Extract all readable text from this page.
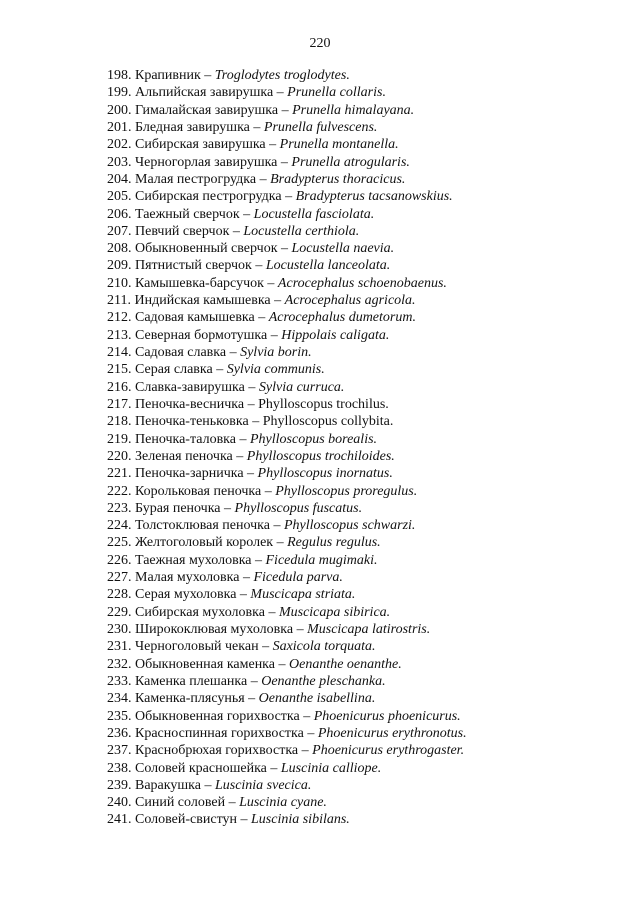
220
198. Крапивник – Troglodytes troglodytes.
199. Альпийская завирушка – Prunella collaris.
200. Гималайская завирушка – Prunella himalayana.
201. Бледная завирушка – Prunella fulvescens.
202. Сибирская завирушка – Prunella montanella.
203. Черногорлая завирушка – Prunella atrogularis.
204. Малая пестрогрудка – Bradypterus thoracicus.
205. Сибирская пестрогрудка – Bradypterus tacsanowskius.
206. Таежный сверчок – Locustella fasciolata.
207. Певчий сверчок – Locustella certhiola.
208. Обыкновенный сверчок – Locustella naevia.
209. Пятнистый сверчок – Locustella lanceolata.
210. Камышевка-барсучок – Acrocephalus schoenobaenus.
211. Индийская камышевка – Acrocephalus agricola.
212. Садовая камышевка – Acrocephalus dumetorum.
213. Северная бормотушка – Hippolais caligata.
214. Садовая славка – Sylvia borin.
215. Серая славка – Sylvia communis.
216. Славка-завирушка – Sylvia curruca.
217. Пеночка-весничка – Phylloscopus trochilus.
218. Пеночка-теньковка – Phylloscopus collybita.
219. Пеночка-таловка – Phylloscopus borealis.
220. Зеленая пеночка – Phylloscopus trochiloides.
221. Пеночка-зарничка – Phylloscopus inornatus.
222. Корольковая пеночка – Phylloscopus proregulus.
223. Бурая пеночка – Phylloscopus fuscatus.
224. Толстоклювая пеночка – Phylloscopus schwarzi.
225. Желтоголовый королек – Regulus regulus.
226. Таежная мухоловка – Ficedula mugimaki.
227. Малая мухоловка – Ficedula parva.
228. Серая мухоловка – Muscicapa striata.
229. Сибирская мухоловка – Muscicapa sibirica.
230. Ширококлювая мухоловка – Muscicapa latirostris.
231. Черноголовый чекан – Saxicola torquata.
232. Обыкновенная каменка – Oenanthe oenanthe.
233. Каменка плешанка – Oenanthe pleschanka.
234. Каменка-плясунья – Oenanthe isabellina.
235. Обыкновенная горихвостка – Phoenicurus phoenicurus.
236. Красноспинная горихвостка – Phoenicurus erythronotus.
237. Краснобрюхая горихвостка – Phoenicurus erythrogaster.
238. Соловей красношейка – Luscinia calliope.
239. Варакушка – Luscinia svecica.
240. Синий соловей – Luscinia cyane.
241. Соловей-свистун – Luscinia sibilans.
